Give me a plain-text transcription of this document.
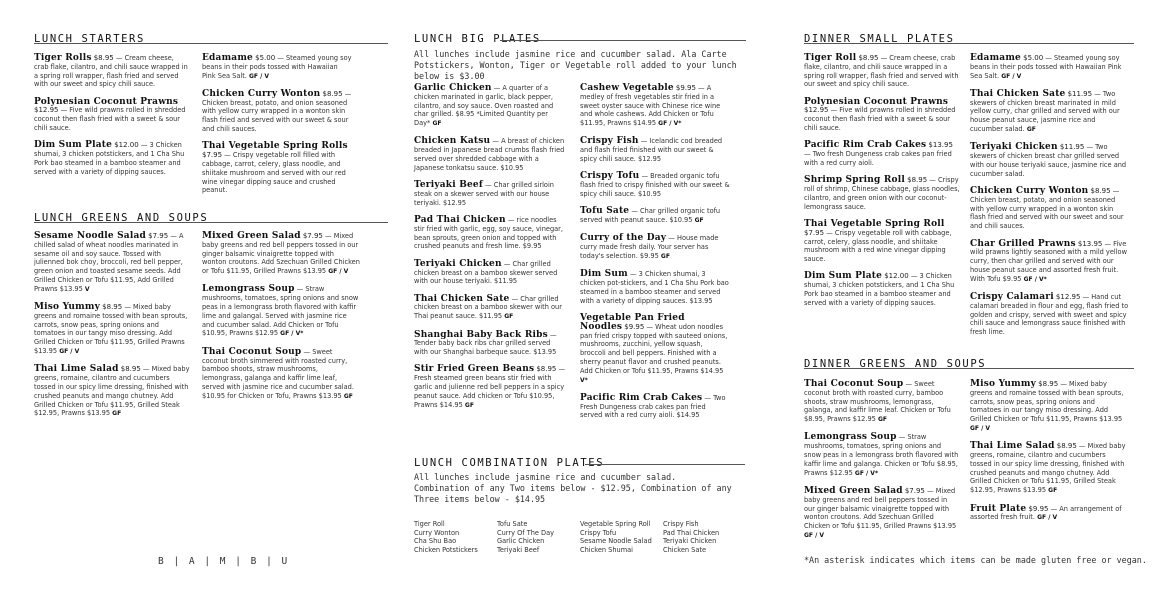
LUNCH STARTERS
Tiger Rolls $8.95 — Cream cheese, crab flake, cilantro, and chili sauce wrapped in a spring roll wrapper, flash fried and served with our sweet and spicy chili sauce.
Polynesian Coconut Prawns $12.95 — Five wild prawns rolled in shredded coconut then flash fried with a sweet & sour chili sauce.
Dim Sum Plate $12.00 — 3 Chicken shumai, 3 chicken potstickers, and 1 Cha Shu Pork bao steamed in a bamboo steamer and served with a variety of dipping sauces.
Edamame $5.00 — Steamed young soy beans in their pods tossed with Hawaiian Pink Sea Salt. GF / V
Chicken Curry Wonton $8.95 — Chicken breast, potato, and onion seasoned with yellow curry wrapped in a wonton skin flash fried and served with our sweet & sour and chili sauces.
Thai Vegetable Spring Rolls $7.95 — Crispy vegetable roll filled with cabbage, carrot, celery, glass noodle, and shiitake mushroom and served with our red wine vinegar dipping sauce and crushed peanut.
LUNCH GREENS AND SOUPS
Sesame Noodle Salad $7.95 — A chilled salad of wheat noodles marinated in sesame oil and soy sauce. Tossed with julienned bok choy, broccoli, red bell pepper, green onion and toasted sesame seeds. Add Grilled Chicken or Tofu $11.95, Add Grilled Prawns $13.95 V
Miso Yummy $8.95 — Mixed baby greens and romaine tossed with bean sprouts, carrots, snow peas, spring onions and tomatoes in our tangy miso dressing. Add Grilled Chicken or Tofu $11.95, Grilled Prawns $13.95 GF / V
Thai Lime Salad $8.95 — Mixed baby greens, romaine, cilantro and cucumbers tossed in our spicy lime dressing, finished with crushed peanuts and mango chutney. Add Grilled Chicken or Tofu $11.95, Grilled Steak $12.95, Prawns $13.95 GF
Mixed Green Salad $7.95 — Mixed baby greens and red bell peppers tossed in our ginger balsamic vinaigrette topped with wonton croutons. Add Szechuan Grilled Chicken or Tofu $11.95, Grilled Prawns $13.95 GF / V
Lemongrass Soup — Straw mushrooms, tomatoes, spring onions and snow peas in a lemongrass broth flavored with kaffir lime and galangal. Served with jasmine rice and cucumber salad. Add Chicken or Tofu $10.95, Prawns $12.95 GF / V*
Thai Coconut Soup — Sweet coconut broth simmered with roasted curry, bamboo shoots, straw mushrooms, lemongrass, galanga and kaffir lime leaf, served with jasmine rice and cucumber salad. $10.95 for Chicken or Tofu, Prawns $13.95 GF
LUNCH BIG PLATES
All lunches include jasmine rice and cucumber salad. Ala Carte Potstickers, Wonton, Tiger or Vegetable roll added to your lunch below is $3.00
Garlic Chicken — A quarter of a chicken marinated in garlic, black pepper, cilantro, and soy sauce. Oven roasted and char grilled. $8.95 *Limited Quantity per Day* GF
Chicken Katsu — A breast of chicken breaded in Japanese bread crumbs flash fried served over shredded cabbage with a Japanese tonkatsu sauce. $10.95
Teriyaki Beef — Char grilled sirloin steak on a skewer served with our house teriyaki. $12.95
Pad Thai Chicken — rice noodles stir fried with garlic, egg, soy sauce, vinegar, bean sprouts, green onion and topped with crushed peanuts and fresh lime. $9.95
Teriyaki Chicken — Char grilled chicken breast on a bamboo skewer served with our house teriyaki. $11.95
Thai Chicken Sate — Char grilled chicken breast on a bamboo skewer with our Thai peanut sauce. $11.95 GF
Shanghai Baby Back Ribs — Tender baby back ribs char grilled served with our Shanghai barbeque sauce. $13.95
Stir Fried Green Beans $8.95 — Fresh steamed green beans stir fried with garlic and julienne red bell peppers in a spicy peanut sauce. Add chicken or Tofu $10.95, Prawns $14.95 GF
Cashew Vegetable $9.95 — A medley of fresh vegetables stir fried in a sweet oyster sauce with Chinese rice wine and whole cashews. Add Chicken or Tofu $11.95, Prawns $14.95 GF / V*
Crispy Fish — Icelandic cod breaded and flash fried finished with our sweet & spicy chili sauce. $12.95
Crispy Tofu — Breaded organic tofu flash fried to crispy finished with our sweet & spicy chili sauce. $10.95
Tofu Sate — Char grilled organic tofu served with peanut sauce. $10.95 GF
Curry of the Day — House made curry made fresh daily. Your server has today's selection. $9.95 GF
Dim Sum — 3 Chicken shumai, 3 chicken pot-stickers, and 1 Cha Shu Pork bao steamed in a bamboo steamer and served with a variety of dipping sauces. $13.95
Vegetable Pan Fried Noodles $9.95 — Wheat udon noodles pan fried crispy topped with sauteed onions, mushrooms, zucchini, yellow squash, broccoli and bell peppers. Finished with a sherry peanut flavor and crushed peanuts. Add Chicken or Tofu $11.95, Prawns $14.95 V*
Pacific Rim Crab Cakes — Two Fresh Dungeness crab cakes pan fried served with a red curry aioli. $14.95
LUNCH COMBINATION PLATES
All lunches include jasmine rice and cucumber salad. Combination of any Two items below - $12.95, Combination of any Three items below - $14.95
Tiger Roll
Curry Wonton
Cha Shu Bao
Chicken Potstickers
Tofu Sate
Curry Of The Day
Garlic Chicken
Teriyaki Beef
Vegetable Spring Roll
Crispy Tofu
Sesame Noodle Salad
Chicken Shumai
Crispy Fish
Pad Thai Chicken
Teriyaki Chicken
Chicken Sate
DINNER SMALL PLATES
Tiger Roll $8.95 — Cream cheese, crab flake, cilantro, and chili sauce wrapped in a spring roll wrapper, flash fried and served with our sweet and spicy chili sauce.
Polynesian Coconut Prawns $12.95 — Five wild prawns rolled in shredded coconut then flash fried with a sweet & sour chili sauce.
Pacific Rim Crab Cakes $13.95 — Two fresh Dungeness crab cakes pan fried with a red curry aioli.
Shrimp Spring Roll $8.95 — Crispy roll of shrimp, Chinese cabbage, glass noodles, cilantro, and green onion with our coconut-lemongrass sauce.
Thai Vegetable Spring Roll $7.95 — Crispy vegetable roll with cabbage, carrot, celery, glass noodle, and shiitake mushroom with a red wine vinegar dipping sauce.
Dim Sum Plate $12.00 — 3 Chicken shumai, 3 chicken potstickers, and 1 Cha Shu Pork bao steamed in a bamboo steamer and served with a variety of dipping sauces.
Edamame $5.00 — Steamed young soy beans in their pods tossed with Hawaiian Pink Sea Salt. GF / V
Thai Chicken Sate $11.95 — Two skewers of chicken breast marinated in mild yellow curry, char grilled and served with our house peanut sauce, jasmine rice and cucumber salad. GF
Teriyaki Chicken $11.95 — Two skewers of chicken breast char grilled served with our house teriyaki sauce, jasmine rice and cucumber salad.
Chicken Curry Wonton $8.95 — Chicken breast, potato, and onion seasoned with yellow curry wrapped in a wonton skin flash fried and served with our sweet and sour and chili sauces.
Char Grilled Prawns $13.95 — Five wild prawns lightly seasoned with a mild yellow curry, then char grilled and served with our house peanut sauce and assorted fresh fruit. With Tofu $9.95 GF / V*
Crispy Calamari $12.95 — Hand cut calamari breaded in flour and egg, flash fried to golden and crispy, served with sweet and spicy chili sauce and lemongrass sauce finished with fresh lime.
DINNER GREENS AND SOUPS
Thai Coconut Soup — Sweet coconut broth with roasted curry, bamboo shoots, straw mushrooms, lemongrass, galanga, and kaffir lime leaf. Chicken or Tofu $8.95, Prawns $12.95 GF
Lemongrass Soup — Straw mushrooms, tomatoes, spring onions and snow peas in a lemongrass broth flavored with kaffir lime and galanga. Chicken or Tofu $8.95, Prawns $12.95 GF / V*
Mixed Green Salad $7.95 — Mixed baby greens and red bell peppers tossed in our ginger balsamic vinaigrette topped with wonton croutons. Add Szechuan Grilled Chicken or Tofu $11.95, Grilled Prawns $13.95 GF / V
Miso Yummy $8.95 — Mixed baby greens and romaine tossed with bean sprouts, carrots, snow peas, spring onions and tomatoes in our tangy miso dressing. Add Grilled Chicken or Tofu $11.95, Prawns $13.95 GF / V
Thai Lime Salad $8.95 — Mixed baby greens, romaine, cilantro and cucumbers tossed in our spicy lime dressing, finished with crushed peanuts and mango chutney. Add Grilled Chicken or Tofu $11.95, Grilled Steak $12.95, Prawns $13.95 GF
Fruit Plate $9.95 — An arrangement of assorted fresh fruit. GF / V
B | A | M | B | U	*An asterisk indicates which items can be made gluten free or vegan.
